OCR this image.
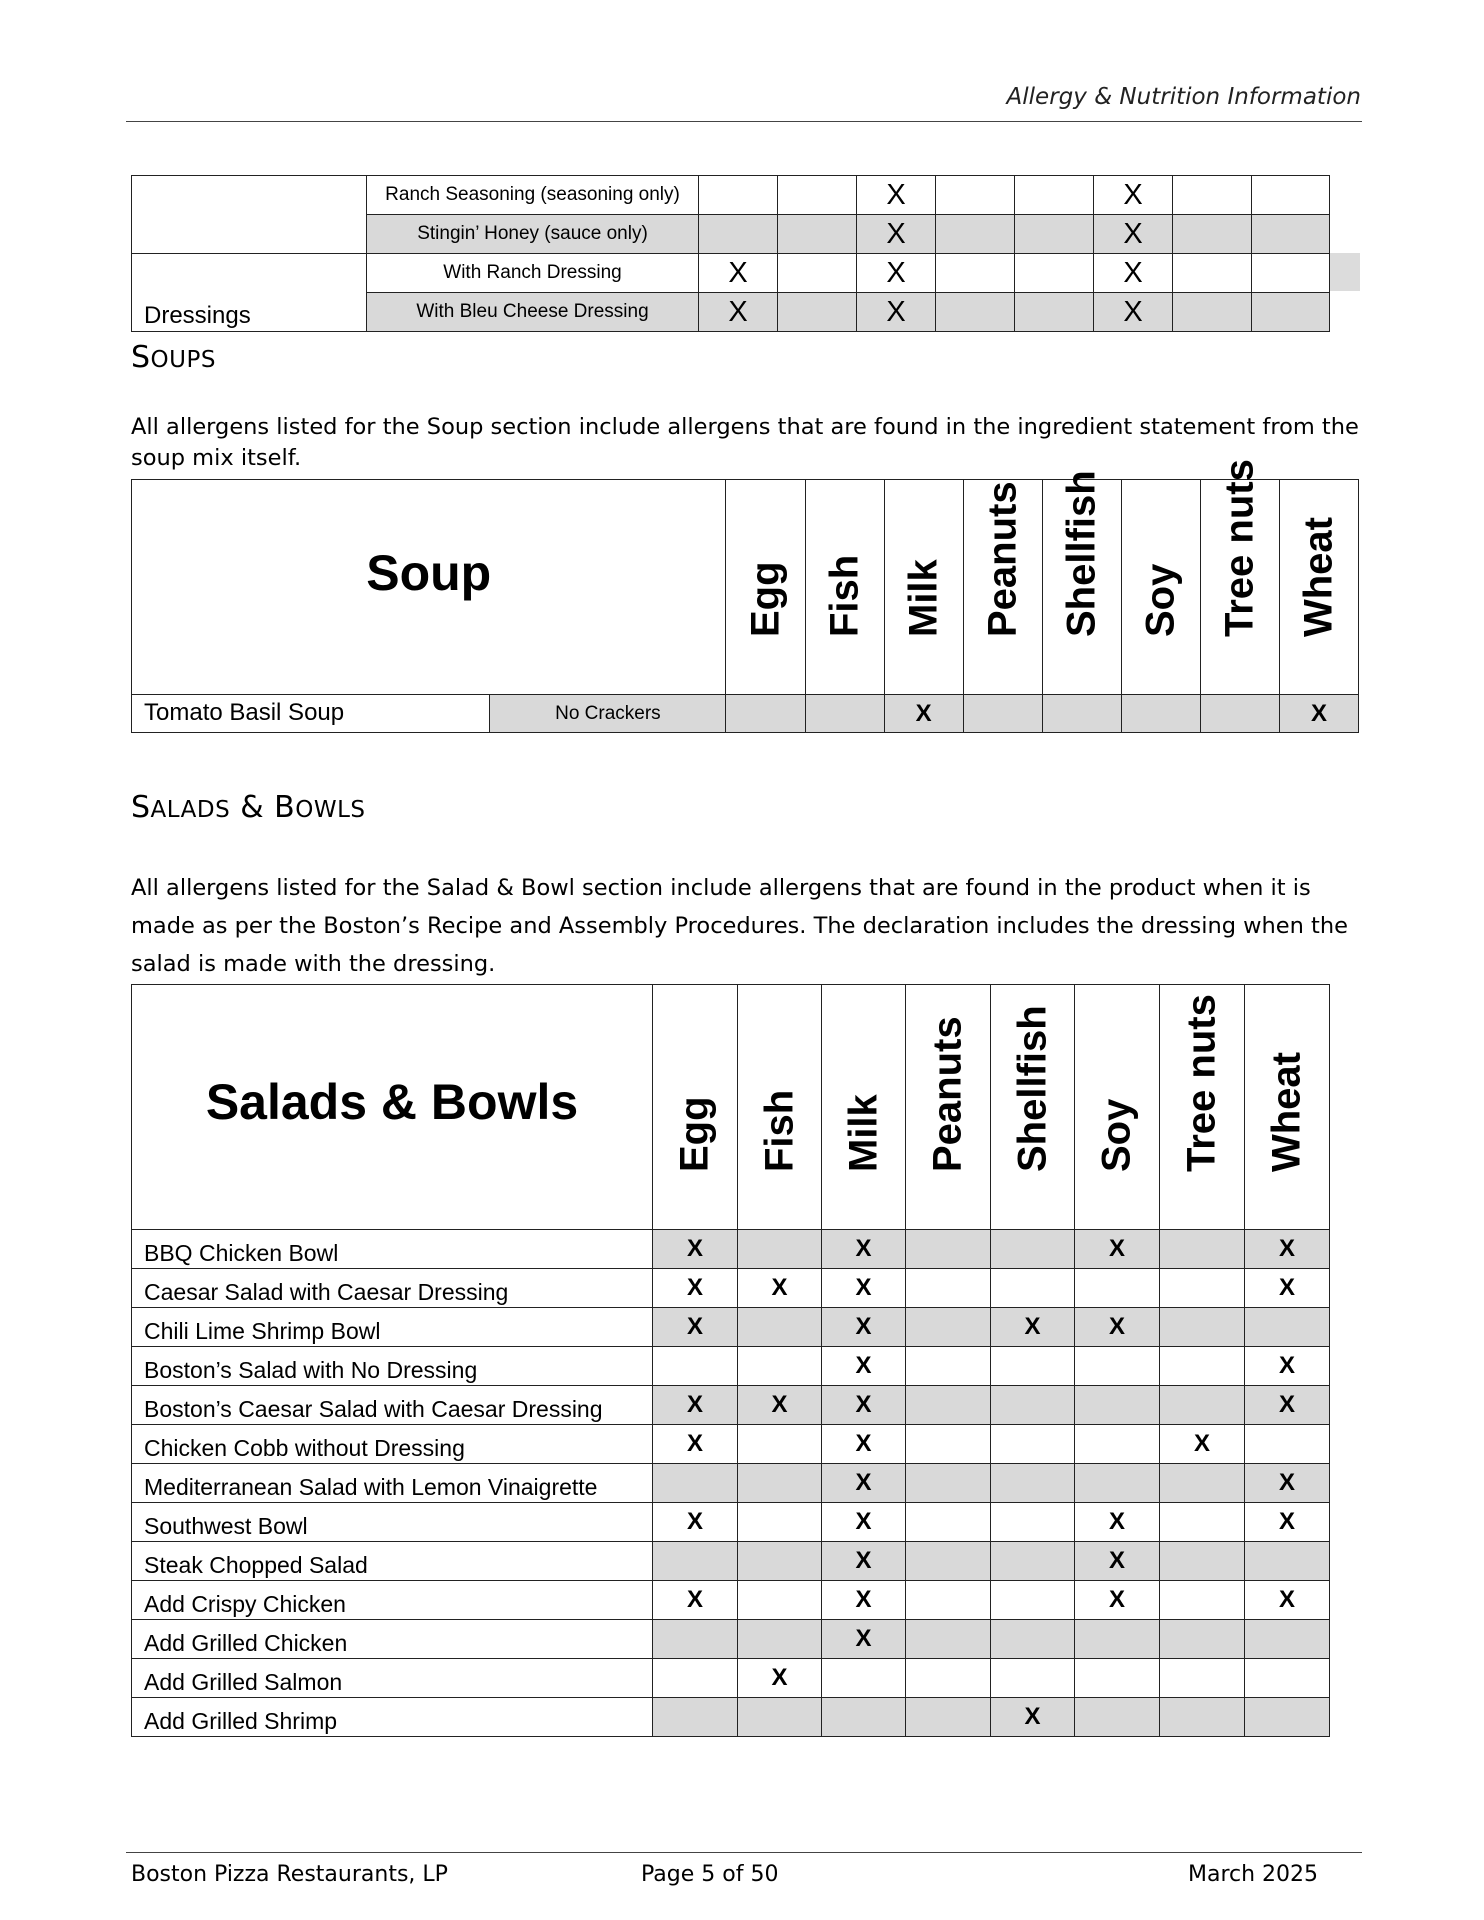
Allergy & Nutrition Information
	Ranch Seasoning (seasoning only)			X			X		
	Stingin’ Honey (sauce only)			X			X		
Dressings	With Ranch Dressing	X		X			X		
	With Bleu Cheese Dressing	X		X			X		
SOUPS
All allergens listed for the Soup section include allergens that are found in the ingredient statement from the soup mix itself.
Soup		Egg	Fish	Milk	Peanuts	Shellfish	Soy	Tree nuts	Wheat

Tomato Basil Soup	No Crackers			X					X
SALADS & BOWLS
All allergens listed for the Salad & Bowl section include allergens that are found in the product when it is made as per the Boston’s Recipe and Assembly Procedures. The declaration includes the dressing when the salad is made with the dressing.
Salads & Bowls	Egg	Fish	Milk	Peanuts	Shellfish	Soy	Tree nuts	Wheat

BBQ Chicken Bowl	X		X			X		X
Caesar Salad with Caesar Dressing	X	X	X					X
Chili Lime Shrimp Bowl	X		X		X	X		
Boston’s Salad with No Dressing			X					X
Boston’s Caesar Salad with Caesar Dressing	X	X	X					X
Chicken Cobb without Dressing	X		X				X	
Mediterranean Salad with Lemon Vinaigrette			X					X
Southwest Bowl	X		X			X		X
Steak Chopped Salad			X			X		
Add Crispy Chicken	X		X			X		X
Add Grilled Chicken			X					
Add Grilled Salmon		X						
Add Grilled Shrimp					X			
Boston Pizza Restaurants, LP	Page 5 of 50	March 2025
